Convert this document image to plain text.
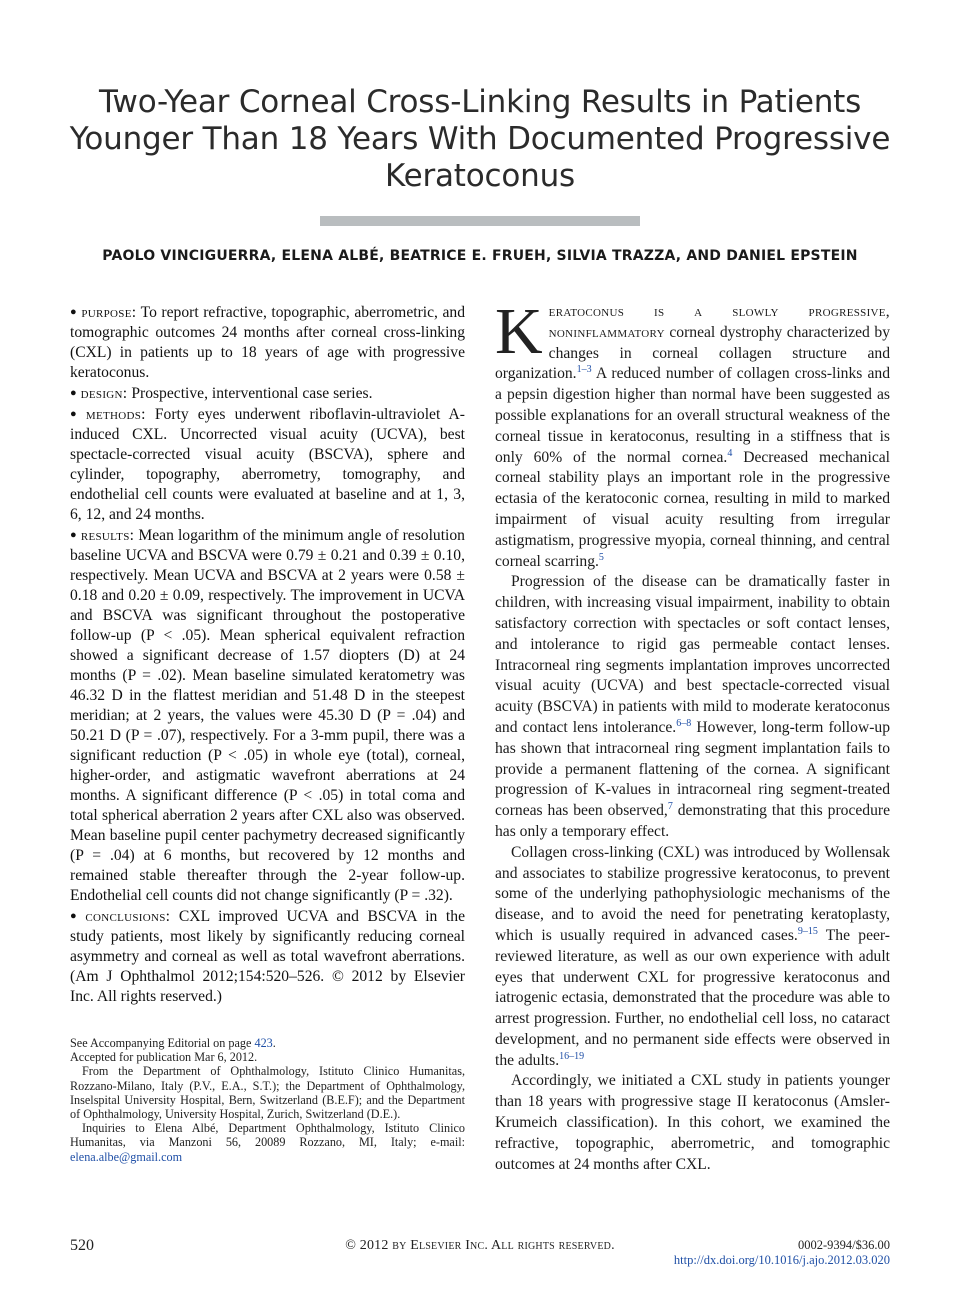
Two-Year Corneal Cross-Linking Results in Patients
Younger Than 18 Years With Documented Progressive
Keratoconus
PAOLO VINCIGUERRA, ELENA ALBÉ, BEATRICE E. FRUEH, SILVIA TRAZZA, AND DANIEL EPSTEIN

● purpose: To report refractive, topographic, aberrometric, and tomographic outcomes 24 months after corneal cross-linking (CXL) in patients up to 18 years of age with progressive keratoconus.

● design: Prospective, interventional case series.

● methods: Forty eyes underwent riboflavin-ultraviolet A-induced CXL. Uncorrected visual acuity (UCVA), best spectacle-corrected visual acuity (BSCVA), sphere and cylinder, topography, aberrometry, tomography, and endothelial cell counts were evaluated at baseline and at 1, 3, 6, 12, and 24 months.

● results: Mean logarithm of the minimum angle of resolution baseline UCVA and BSCVA were 0.79 ± 0.21 and 0.39 ± 0.10, respectively. Mean UCVA and BSCVA at 2 years were 0.58 ± 0.18 and 0.20 ± 0.09, respectively. The improvement in UCVA and BSCVA was significant throughout the postoperative follow-up (P < .05). Mean spherical equivalent refraction showed a significant decrease of 1.57 diopters (D) at 24 months (P = .02). Mean baseline simulated keratometry was 46.32 D in the flattest meridian and 51.48 D in the steepest meridian; at 2 years, the values were 45.30 D (P = .04) and 50.21 D (P = .07), respectively. For a 3-mm pupil, there was a significant reduction (P < .05) in whole eye (total), corneal, higher-order, and astigmatic wavefront aberrations at 24 months. A significant difference (P < .05) in total coma and total spherical aberration 2 years after CXL also was observed. Mean baseline pupil center pachymetry decreased significantly (P = .04) at 6 months, but recovered by 12 months and remained stable thereafter through the 2-year follow-up. Endothelial cell counts did not change significantly (P = .32).

● conclusions: CXL improved UCVA and BSCVA in the study patients, most likely by significantly reducing corneal asymmetry and corneal as well as total wavefront aberrations. (Am J Ophthalmol 2012;154:520–526. © 2012 by Elsevier Inc. All rights reserved.)

See Accompanying Editorial on page 423.
Accepted for publication Mar 6, 2012.
From the Department of Ophthalmology, Istituto Clinico Humanitas, Rozzano-Milano, Italy (P.V., E.A., S.T.); the Department of Ophthalmology, Inselspital University Hospital, Bern, Switzerland (B.E.F); and the Department of Ophthalmology, University Hospital, Zurich, Switzerland (D.E.).
Inquiries to Elena Albé, Department Ophthalmology, Istituto Clinico Humanitas, via Manzoni 56, 20089 Rozzano, MI, Italy; e-mail: elena.albe@gmail.com

Keratoconus is a slowly progressive, noninflammatory corneal dystrophy characterized by changes in corneal collagen structure and organization.$^{1-3}$ A reduced number of collagen cross-links and a pepsin digestion higher than normal have been suggested as possible explanations for an overall structural weakness of the corneal tissue in keratoconus, resulting in a stiffness that is only 60% of the normal cornea.$^4$ Decreased mechanical corneal stability plays an important role in the progressive ectasia of the keratoconic cornea, resulting in mild to marked impairment of visual acuity resulting from irregular astigmatism, progressive myopia, corneal thinning, and central corneal scarring.$^5$

Progression of the disease can be dramatically faster in children, with increasing visual impairment, inability to obtain satisfactory correction with spectacles or soft contact lenses, and intolerance to rigid gas permeable contact lenses. Intracorneal ring segments implantation improves uncorrected visual acuity (UCVA) and best spectacle-corrected visual acuity (BSCVA) in patients with mild to moderate keratoconus and contact lens intolerance.$^{6-8}$ However, long-term follow-up has shown that intracorneal ring segment implantation fails to provide a permanent flattening of the cornea. A significant progression of K-values in intracorneal ring segment-treated corneas has been observed,$^7$ demonstrating that this procedure has only a temporary effect.

Collagen cross-linking (CXL) was introduced by Wollensak and associates to stabilize progressive keratoconus, to prevent some of the underlying pathophysiologic mechanisms of the disease, and to avoid the need for penetrating keratoplasty, which is usually required in advanced cases.$^{9-15}$ The peer-reviewed literature, as well as our own experience with adult eyes that underwent CXL for progressive keratoconus and iatrogenic ectasia, demonstrated that the procedure was able to arrest progression. Further, no endothelial cell loss, no cataract development, and no permanent side effects were observed in the adults.$^{16-19}$

Accordingly, we initiated a CXL study in patients younger than 18 years with progressive stage II keratoconus (Amsler-Krumeich classification). In this cohort, we examined the refractive, topographic, aberrometric, and tomographic outcomes at 24 months after CXL.

520	© 2012 by Elsevier Inc. All rights reserved.	0002-9394/$36.00
http://dx.doi.org/10.1016/j.ajo.2012.03.020
